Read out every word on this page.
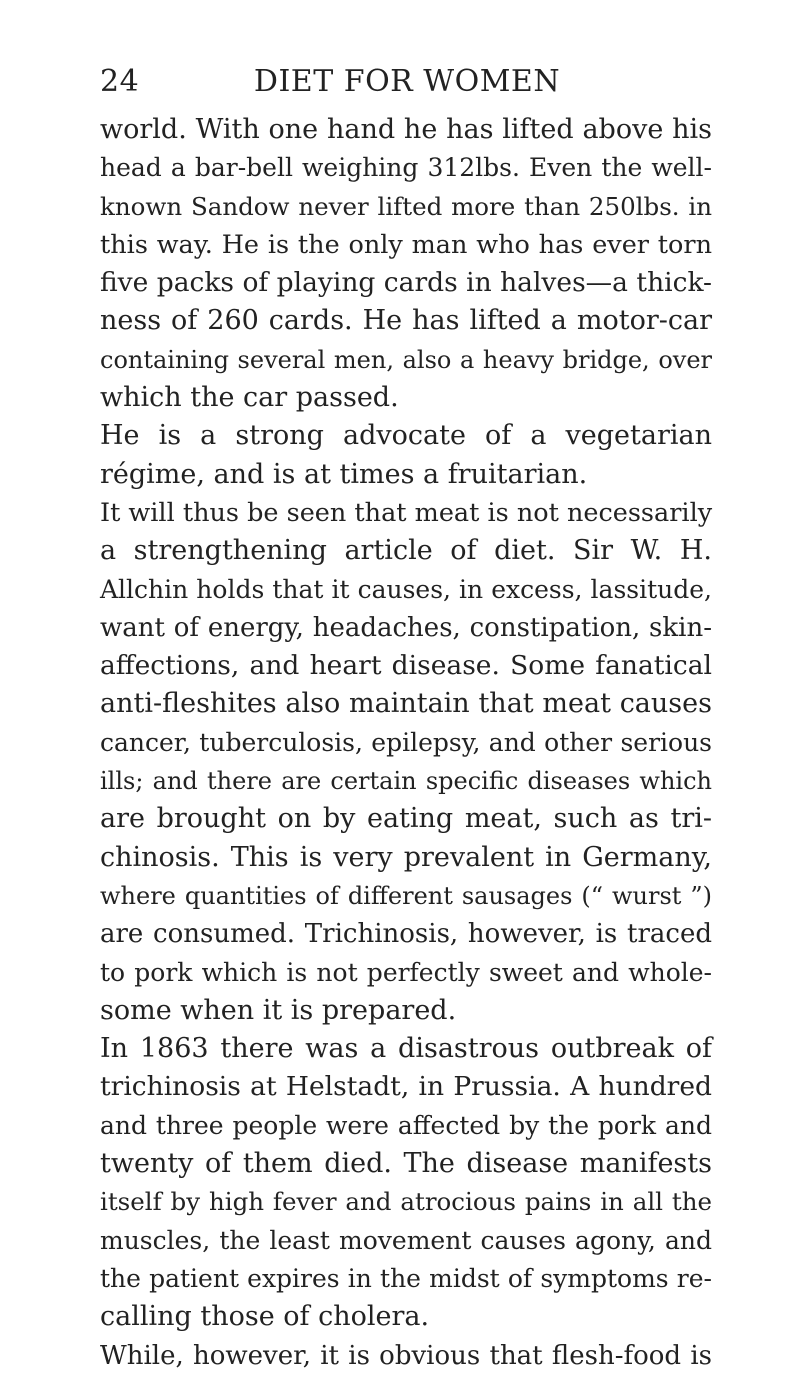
24	DIET FOR WOMEN
world. With one hand he has lifted above his
head a bar-bell weighing 312lbs. Even the well-
known Sandow never lifted more than 250lbs. in
this way. He is the only man who has ever torn
five packs of playing cards in halves—a thick-
ness of 260 cards. He has lifted a motor-car
containing several men, also a heavy bridge, over
which the car passed.
He is a strong advocate of a vegetarian
régime, and is at times a fruitarian.
It will thus be seen that meat is not necessarily
a strengthening article of diet. Sir W. H.
Allchin holds that it causes, in excess, lassitude,
want of energy, headaches, constipation, skin-
affections, and heart disease. Some fanatical
anti-fleshites also maintain that meat causes
cancer, tuberculosis, epilepsy, and other serious
ills; and there are certain specific diseases which
are brought on by eating meat, such as tri-
chinosis. This is very prevalent in Germany,
where quantities of different sausages (“ wurst ”)
are consumed. Trichinosis, however, is traced
to pork which is not perfectly sweet and whole-
some when it is prepared.
In 1863 there was a disastrous outbreak of
trichinosis at Helstadt, in Prussia. A hundred
and three people were affected by the pork and
twenty of them died. The disease manifests
itself by high fever and atrocious pains in all the
muscles, the least movement causes agony, and
the patient expires in the midst of symptoms re-
calling those of cholera.
While, however, it is obvious that flesh-food is
